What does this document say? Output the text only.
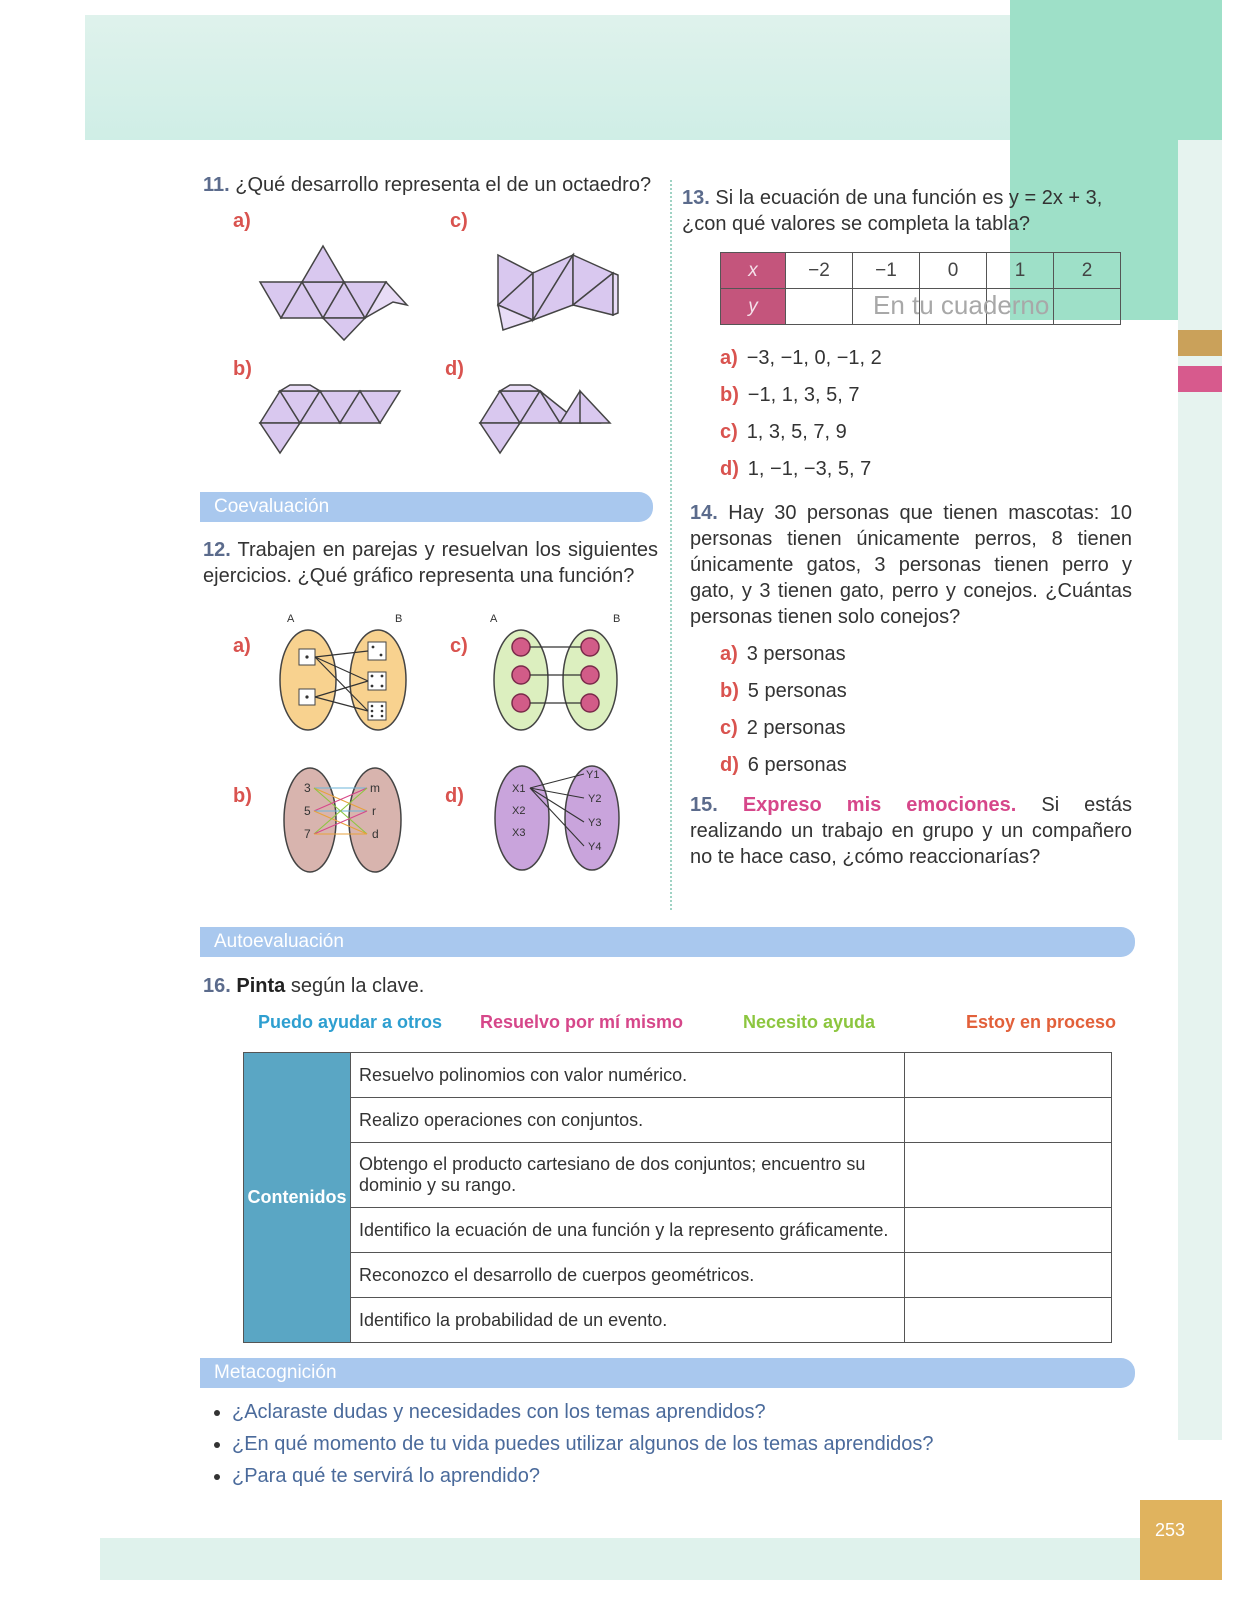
253
11. ¿Qué desarrollo representa el de un octaedro?
a)	c)
b)	d)
Coevaluación
12. Trabajen en parejas y resuelvan los siguientes ejercicios. ¿Qué gráfico representa una función?
a)	c)
b)	d)
A	B	A	B
3
5
7
m
r
d
X1
X2
X3
Y1
Y2
Y3
Y4
13. Si la ecuación de una función es y = 2x + 3, ¿con qué valores se completa la tabla?
x	−2	−1	0	1	2
y						En tu cuaderno
a) −3, −1, 0, −1, 2
b) −1, 1, 3, 5, 7
c) 1, 3, 5, 7, 9
d) 1, −1, −3, 5, 7
14. Hay 30 personas que tienen mascotas: 10 personas tienen únicamente perros, 8 tienen únicamente gatos, 3 personas tienen perro y gato, y 3 tienen gato, perro y conejos. ¿Cuántas personas tienen solo conejos?
a) 3 personas
b) 5 personas
c) 2 personas
d) 6 personas
15. Expreso mis emociones. Si estás realizando un trabajo en grupo y un compañero no te hace caso, ¿cómo reaccionarías?
Autoevaluación
16. Pinta según la clave.
Puedo ayudar a otros Resuelvo por mí mismo	Necesito ayuda	Estoy en proceso
Contenidos	Resuelvo polinomios con valor numérico.	
	Realizo operaciones con conjuntos.	
	Obtengo el producto cartesiano de dos conjuntos; encuentro su dominio y su rango.	
	Identifico la ecuación de una función y la represento gráficamente.	
	Reconozco el desarrollo de cuerpos geométricos.	
	Identifico la probabilidad de un evento.	
Metacognición
• ¿Aclaraste dudas y necesidades con los temas aprendidos?
• ¿En qué momento de tu vida puedes utilizar algunos de los temas aprendidos?
• ¿Para qué te servirá lo aprendido?
